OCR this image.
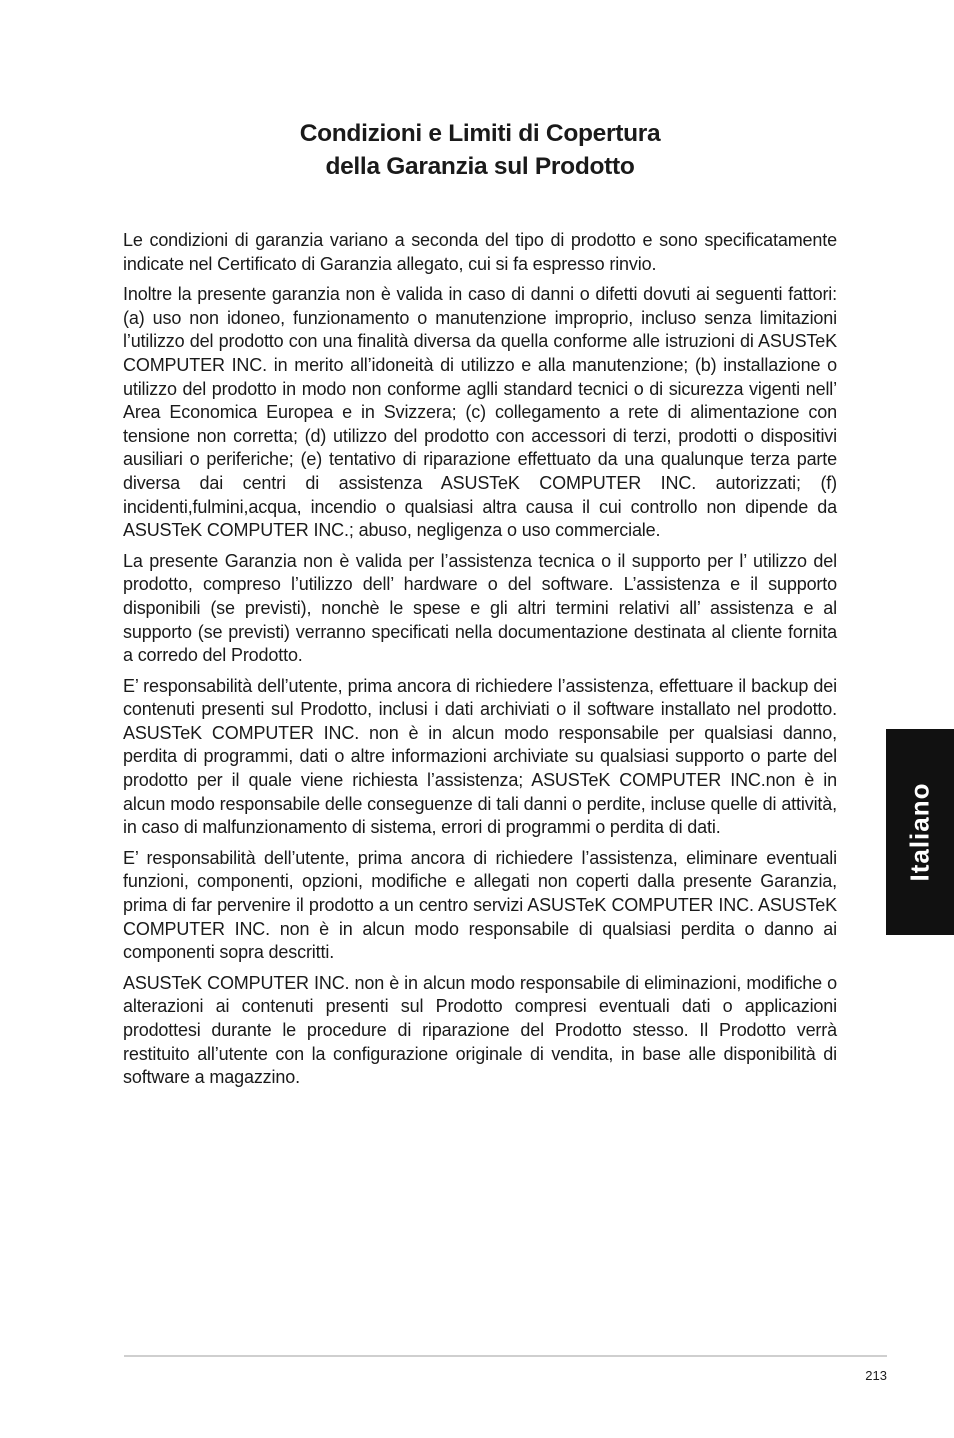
Condizioni e Limiti di Copertura
della Garanzia sul Prodotto

Le condizioni di garanzia variano a seconda del tipo di prodotto e sono specificatamente indicate nel Certificato di Garanzia allegato, cui si fa espresso rinvio.

Inoltre la presente garanzia non è valida in caso di danni o difetti dovuti ai seguenti fattori: (a) uso non idoneo, funzionamento o manutenzione improprio, incluso senza limitazioni l’utilizzo del prodotto con una finalità diversa da quella conforme alle istruzioni di ASUSTeK COMPUTER INC. in merito all’idoneità di utilizzo e alla manutenzione; (b) installazione o utilizzo del prodotto in modo non conforme aglli standard tecnici o di sicurezza vigenti nell’ Area Economica Europea e in Svizzera; (c) collegamento a rete di alimentazione con tensione non corretta; (d) utilizzo del prodotto con accessori di terzi, prodotti o dispositivi ausiliari o periferiche; (e) tentativo di riparazione effettuato da una qualunque terza parte diversa dai centri di assistenza ASUSTeK COMPUTER INC. autorizzati; (f) incidenti,fulmini,acqua, incendio o qualsiasi altra causa il cui controllo non dipende da ASUSTeK COMPUTER INC.; abuso, negligenza o uso commerciale.

La presente Garanzia non è valida per l’assistenza tecnica o il supporto per l’ utilizzo del prodotto, compreso l’utilizzo dell’ hardware o del software. L’assistenza e il supporto disponibili (se previsti), nonchè le spese e gli altri termini relativi all’ assistenza e al supporto (se previsti) verranno specificati nella documentazione destinata al cliente fornita a corredo del Prodotto.

E’ responsabilità dell’utente, prima ancora di richiedere l’assistenza, effettuare il backup dei contenuti presenti sul Prodotto, inclusi i dati archiviati o il software installato nel prodotto. ASUSTeK COMPUTER INC. non è in alcun modo responsabile per qualsiasi danno, perdita di programmi, dati o altre informazioni archiviate su qualsiasi supporto o parte del prodotto per il quale viene richiesta l’assistenza; ASUSTeK COMPUTER INC.non è in alcun modo responsabile delle conseguenze di tali danni o perdite, incluse quelle di attività, in caso di malfunzionamento di sistema, errori di programmi o perdita di dati.

E’ responsabilità dell’utente, prima ancora di richiedere l’assistenza, eliminare eventuali funzioni, componenti, opzioni, modifiche e allegati non coperti dalla presente Garanzia, prima di far pervenire il prodotto a un centro servizi ASUSTeK COMPUTER INC. ASUSTeK COMPUTER INC. non è in alcun modo responsabile di qualsiasi perdita o danno ai componenti sopra descritti.

ASUSTeK COMPUTER INC. non è in alcun modo responsabile di eliminazioni, modifiche o alterazioni ai contenuti presenti sul Prodotto compresi eventuali dati o applicazioni prodottesi durante le procedure di riparazione del Prodotto stesso. Il Prodotto verrà restituito all’utente con la configurazione originale di vendita, in base alle disponibilità di software a magazzino.

Italiano
213
